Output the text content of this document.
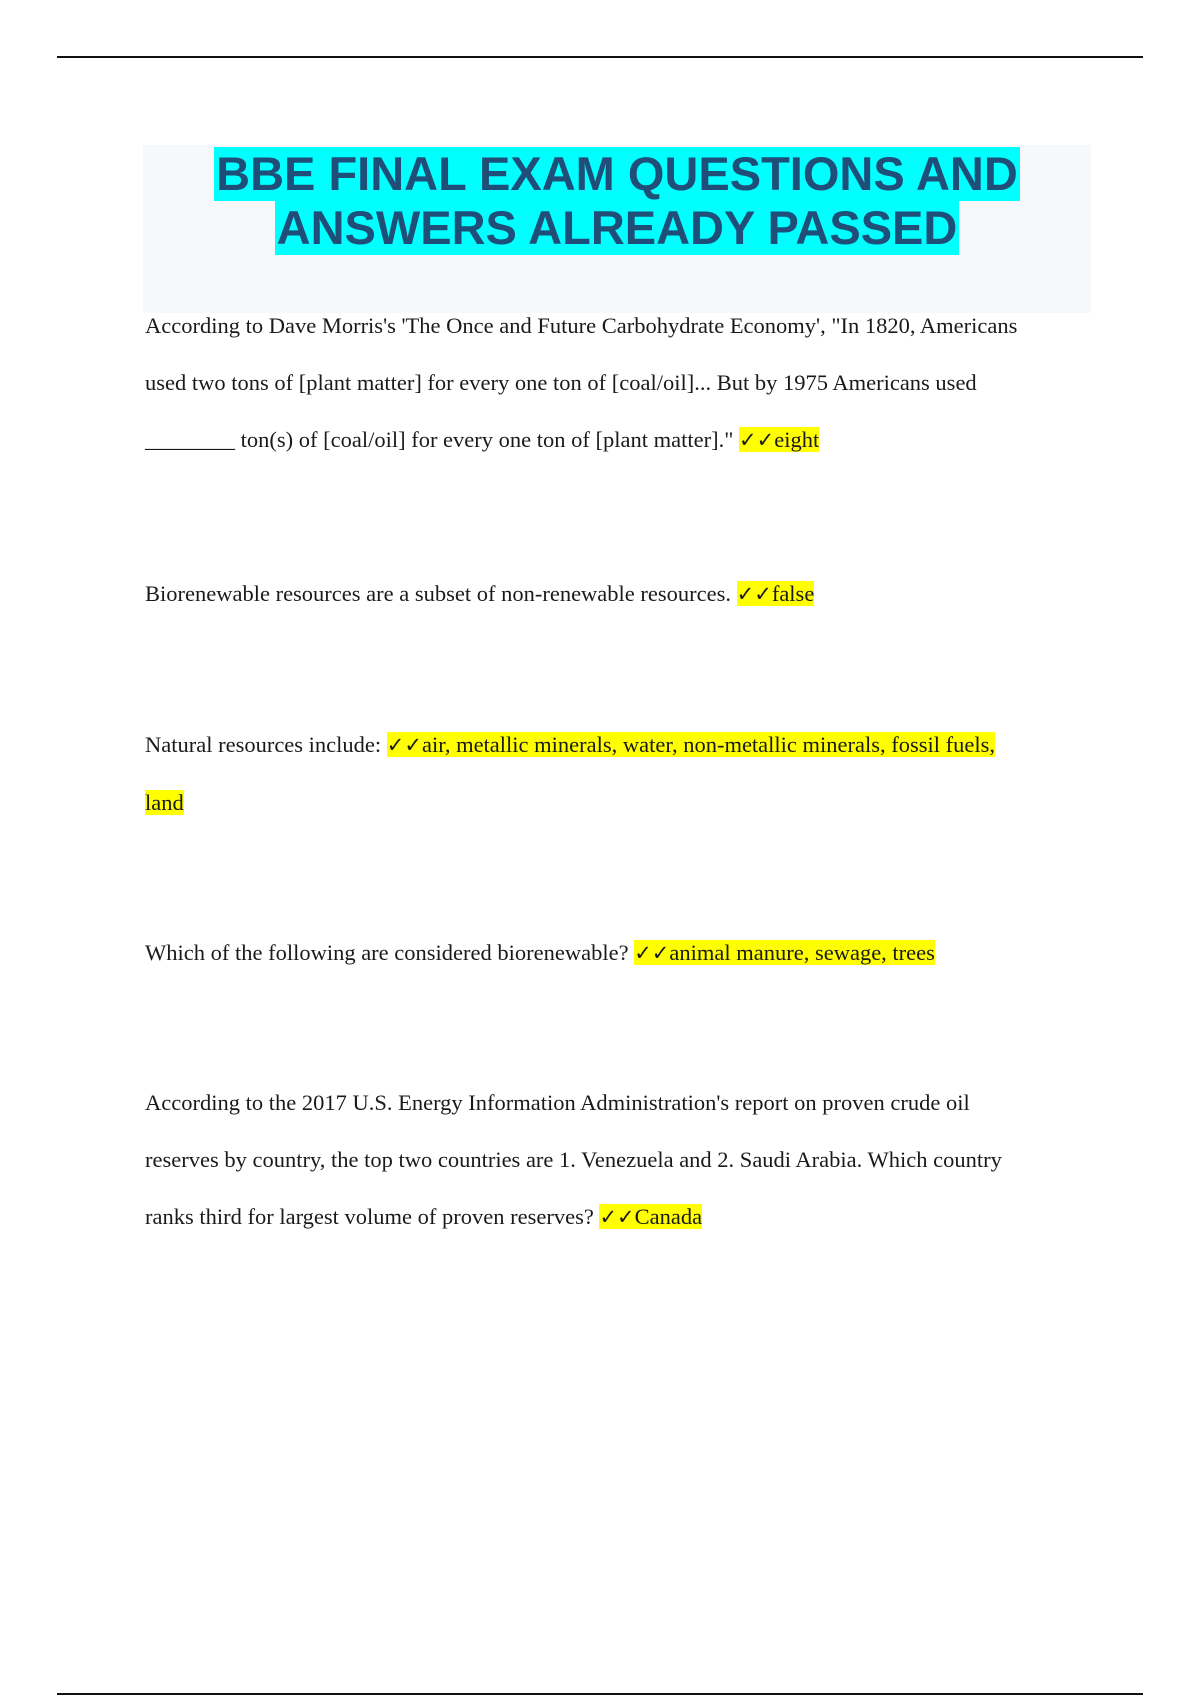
BBE FINAL EXAM QUESTIONS AND
ANSWERS ALREADY PASSED
According to Dave Morris's 'The Once and Future Carbohydrate Economy', "In 1820, Americans
used two tons of [plant matter] for every one ton of [coal/oil]... But by 1975 Americans used
________ ton(s) of [coal/oil] for every one ton of [plant matter]." ✓✓eight
Biorenewable resources are a subset of non-renewable resources. ✓✓false
Natural resources include: ✓✓air, metallic minerals, water, non-metallic minerals, fossil fuels,
land
Which of the following are considered biorenewable? ✓✓animal manure, sewage, trees
According to the 2017 U.S. Energy Information Administration's report on proven crude oil
reserves by country, the top two countries are 1. Venezuela and 2. Saudi Arabia. Which country
ranks third for largest volume of proven reserves? ✓✓Canada
